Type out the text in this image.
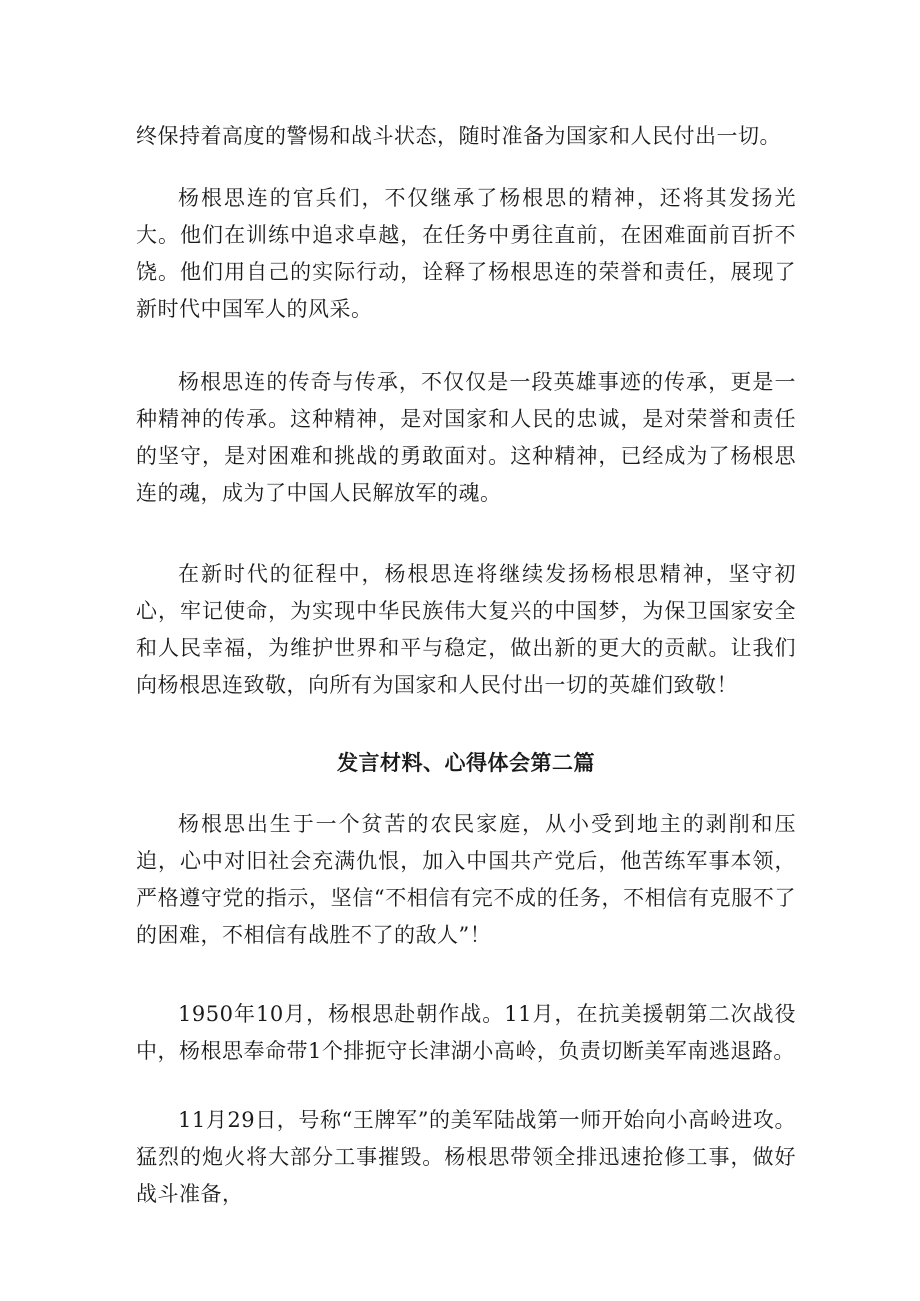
终保持着高度的警惕和战斗状态，随时准备为国家和人民付出一切。

杨根思连的官兵们，不仅继承了杨根思的精神，还将其发扬光大。他们在训练中追求卓越，在任务中勇往直前，在困难面前百折不饶。他们用自己的实际行动，诠释了杨根思连的荣誉和责任，展现了新时代中国军人的风采。

杨根思连的传奇与传承，不仅仅是一段英雄事迹的传承，更是一种精神的传承。这种精神，是对国家和人民的忠诚，是对荣誉和责任的坚守，是对困难和挑战的勇敢面对。这种精神，已经成为了杨根思连的魂，成为了中国人民解放军的魂。

在新时代的征程中，杨根思连将继续发扬杨根思精神，坚守初心，牢记使命，为实现中华民族伟大复兴的中国梦，为保卫国家安全和人民幸福，为维护世界和平与稳定，做出新的更大的贡献。让我们向杨根思连致敬，向所有为国家和人民付出一切的英雄们致敬！

发言材料、心得体会第二篇

杨根思出生于一个贫苦的农民家庭，从小受到地主的剥削和压迫，心中对旧社会充满仇恨，加入中国共产党后，他苦练军事本领，严格遵守党的指示，坚信“不相信有完不成的任务，不相信有克服不了的困难，不相信有战胜不了的敌人”！

1950年10月，杨根思赴朝作战。11月，在抗美援朝第二次战役中，杨根思奉命带1个排扼守长津湖小高岭，负责切断美军南逃退路。

11月29日，号称“王牌军”的美军陆战第一师开始向小高岭进攻。猛烈的炮火将大部分工事摧毁。杨根思带领全排迅速抢修工事，做好战斗准备，
